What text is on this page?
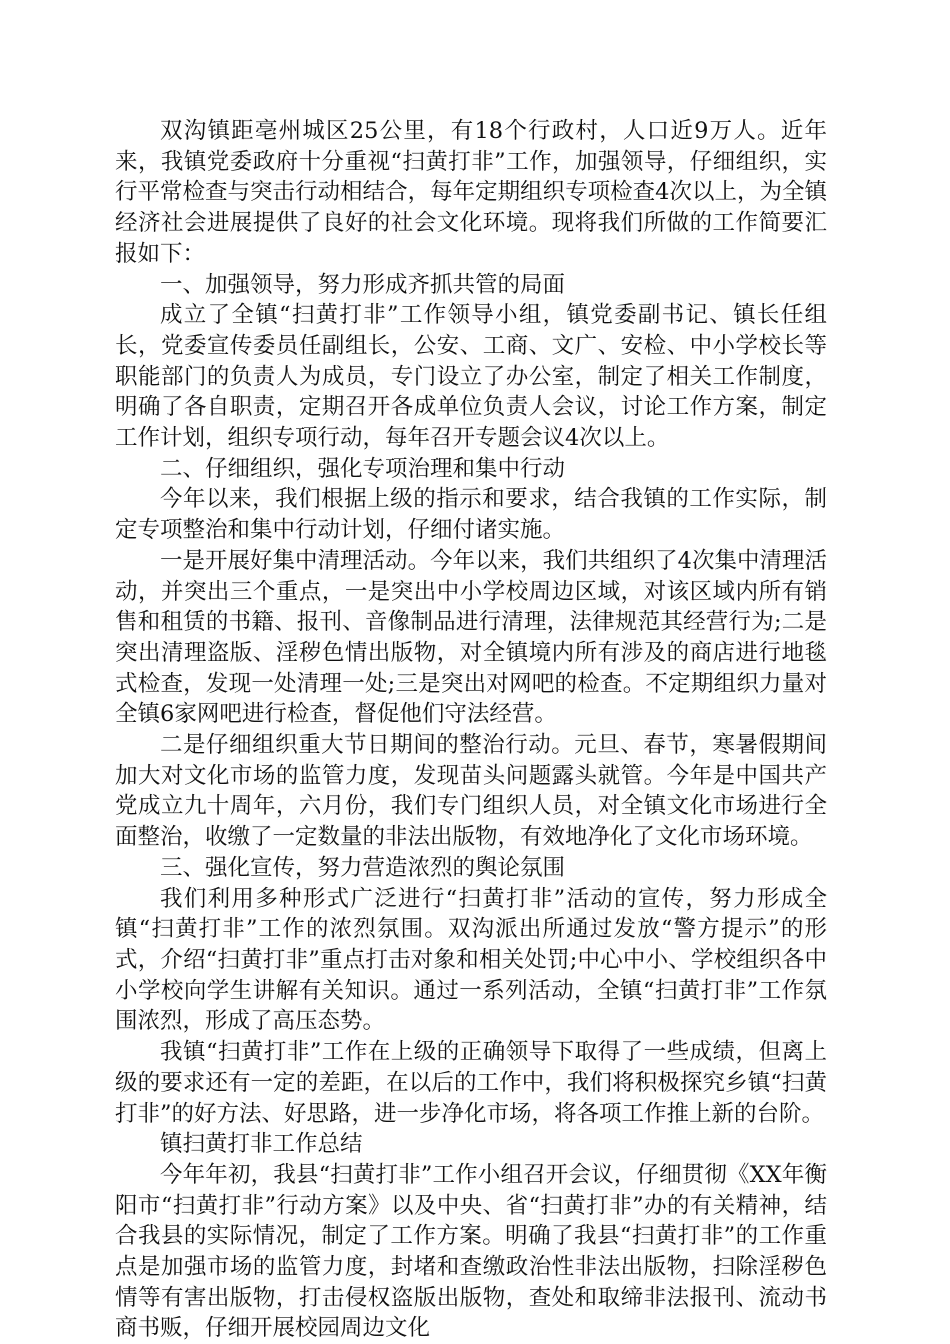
双沟镇距亳州城区25公里，有18个行政村，人口近9万人。近年来，我镇党委政府十分重视“扫黄打非”工作，加强领导，仔细组织，实行平常检查与突击行动相结合，每年定期组织专项检查4次以上，为全镇经济社会进展提供了良好的社会文化环境。现将我们所做的工作简要汇报如下：

一、加强领导，努力形成齐抓共管的局面

成立了全镇“扫黄打非”工作领导小组，镇党委副书记、镇长任组长，党委宣传委员任副组长，公安、工商、文广、安检、中小学校长等职能部门的负责人为成员，专门设立了办公室，制定了相关工作制度，明确了各自职责，定期召开各成单位负责人会议，讨论工作方案，制定工作计划，组织专项行动，每年召开专题会议4次以上。

二、仔细组织，强化专项治理和集中行动

今年以来，我们根据上级的指示和要求，结合我镇的工作实际，制定专项整治和集中行动计划，仔细付诸实施。

一是开展好集中清理活动。今年以来，我们共组织了4次集中清理活动，并突出三个重点，一是突出中小学校周边区域，对该区域内所有销售和租赁的书籍、报刊、音像制品进行清理，法律规范其经营行为;二是突出清理盗版、淫秽色情出版物，对全镇境内所有涉及的商店进行地毯式检查，发现一处清理一处;三是突出对网吧的检查。不定期组织力量对全镇6家网吧进行检查，督促他们守法经营。

二是仔细组织重大节日期间的整治行动。元旦、春节，寒暑假期间加大对文化市场的监管力度，发现苗头问题露头就管。今年是中国共产党成立九十周年，六月份，我们专门组织人员，对全镇文化市场进行全面整治，收缴了一定数量的非法出版物，有效地净化了文化市场环境。

三、强化宣传，努力营造浓烈的舆论氛围

我们利用多种形式广泛进行“扫黄打非”活动的宣传，努力形成全镇“扫黄打非”工作的浓烈氛围。双沟派出所通过发放“警方提示”的形式，介绍“扫黄打非”重点打击对象和相关处罚;中心中小、学校组织各中小学校向学生讲解有关知识。通过一系列活动，全镇“扫黄打非”工作氛围浓烈，形成了高压态势。

我镇“扫黄打非”工作在上级的正确领导下取得了一些成绩，但离上级的要求还有一定的差距，在以后的工作中，我们将积极探究乡镇“扫黄打非”的好方法、好思路，进一步净化市场，将各项工作推上新的台阶。

镇扫黄打非工作总结

今年年初，我县“扫黄打非”工作小组召开会议，仔细贯彻《XX年衡阳市“扫黄打非”行动方案》以及中央、省“扫黄打非”办的有关精神，结合我县的实际情况，制定了工作方案。明确了我县“扫黄打非”的工作重点是加强市场的监管力度，封堵和查缴政治性非法出版物，扫除淫秽色情等有害出版物，打击侵权盗版出版物，查处和取缔非法报刊、流动书商书贩，仔细开展校园周边文化
